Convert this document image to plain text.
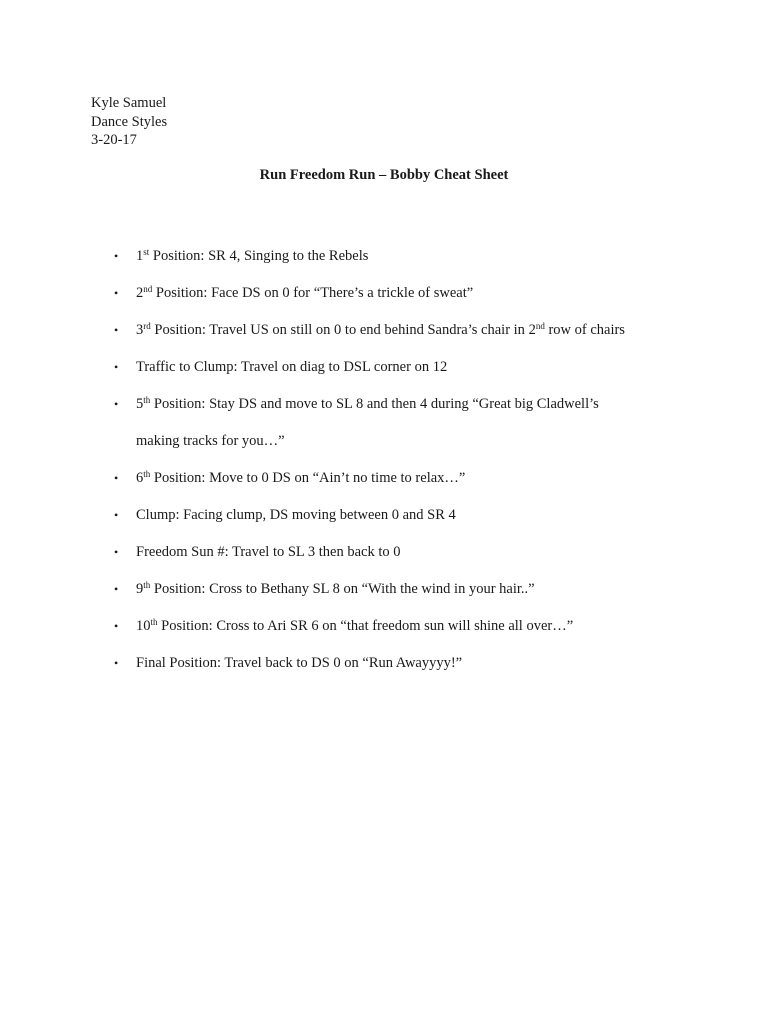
Kyle Samuel
Dance Styles
3-20-17
Run Freedom Run – Bobby Cheat Sheet
• 1st Position: SR 4, Singing to the Rebels
• 2nd Position: Face DS on 0 for “There’s a trickle of sweat”
• 3rd Position: Travel US on still on 0 to end behind Sandra’s chair in 2nd row of chairs
• Traffic to Clump: Travel on diag to DSL corner on 12
• 5th Position: Stay DS and move to SL 8 and then 4 during “Great big Cladwell’s
making tracks for you…”
• 6th Position: Move to 0 DS on “Ain’t no time to relax…”
• Clump: Facing clump, DS moving between 0 and SR 4
• Freedom Sun #: Travel to SL 3 then back to 0
• 9th Position: Cross to Bethany SL 8 on “With the wind in your hair..”
• 10th Position: Cross to Ari SR 6 on “that freedom sun will shine all over…”
• Final Position: Travel back to DS 0 on “Run Awayyyy!”
